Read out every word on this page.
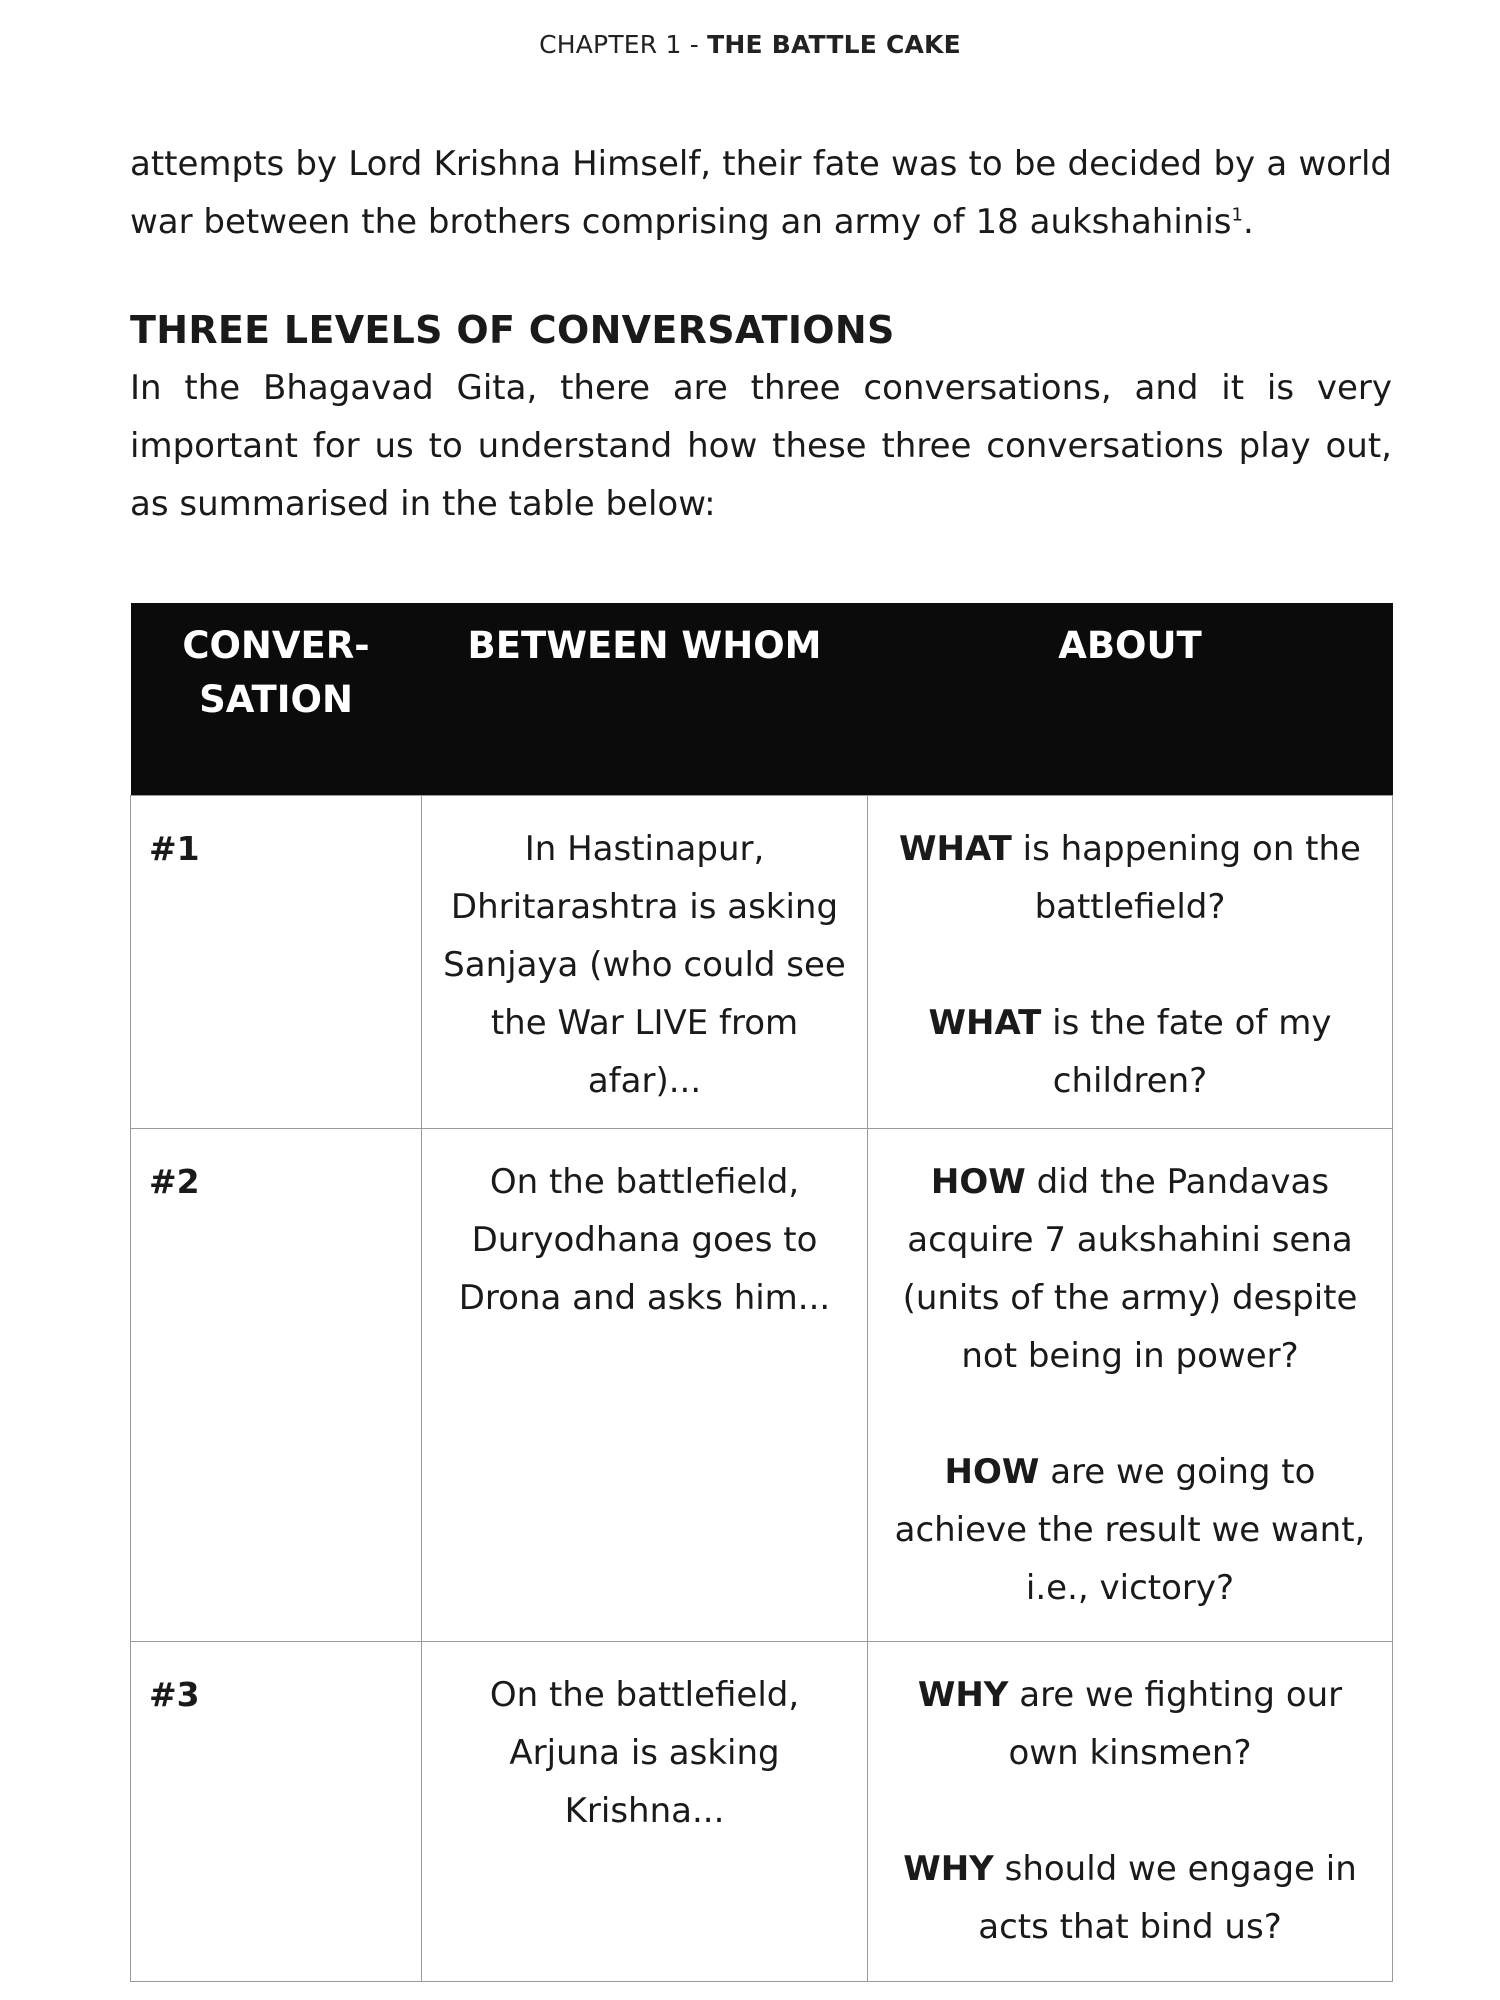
CHAPTER 1 - THE BATTLE CAKE

attempts by Lord Krishna Himself, their fate was to be decided by a world war between the brothers comprising an army of 18 aukshahinis$^1$.

THREE LEVELS OF CONVERSATIONS

In the Bhagavad Gita, there are three conversations, and it is very important for us to understand how these three conversations play out, as summarised in the table below:

CONVER-SATION	BETWEEN WHOM	ABOUT
#1	In Hastinapur, Dhritarashtra is asking Sanjaya (who could see the War LIVE from afar)...	WHAT is happening on the battlefield?
WHAT is the fate of my children?

#2	On the battlefield, Duryodhana goes to Drona and asks him...	HOW did the Pandavas acquire 7 aukshahini sena (units of the army) despite not being in power?
HOW are we going to achieve the result we want, i.e., victory?

#3	On the battlefield, Arjuna is asking Krishna...	WHY are we fighting our own kinsmen?
WHY should we engage in acts that bind us?
